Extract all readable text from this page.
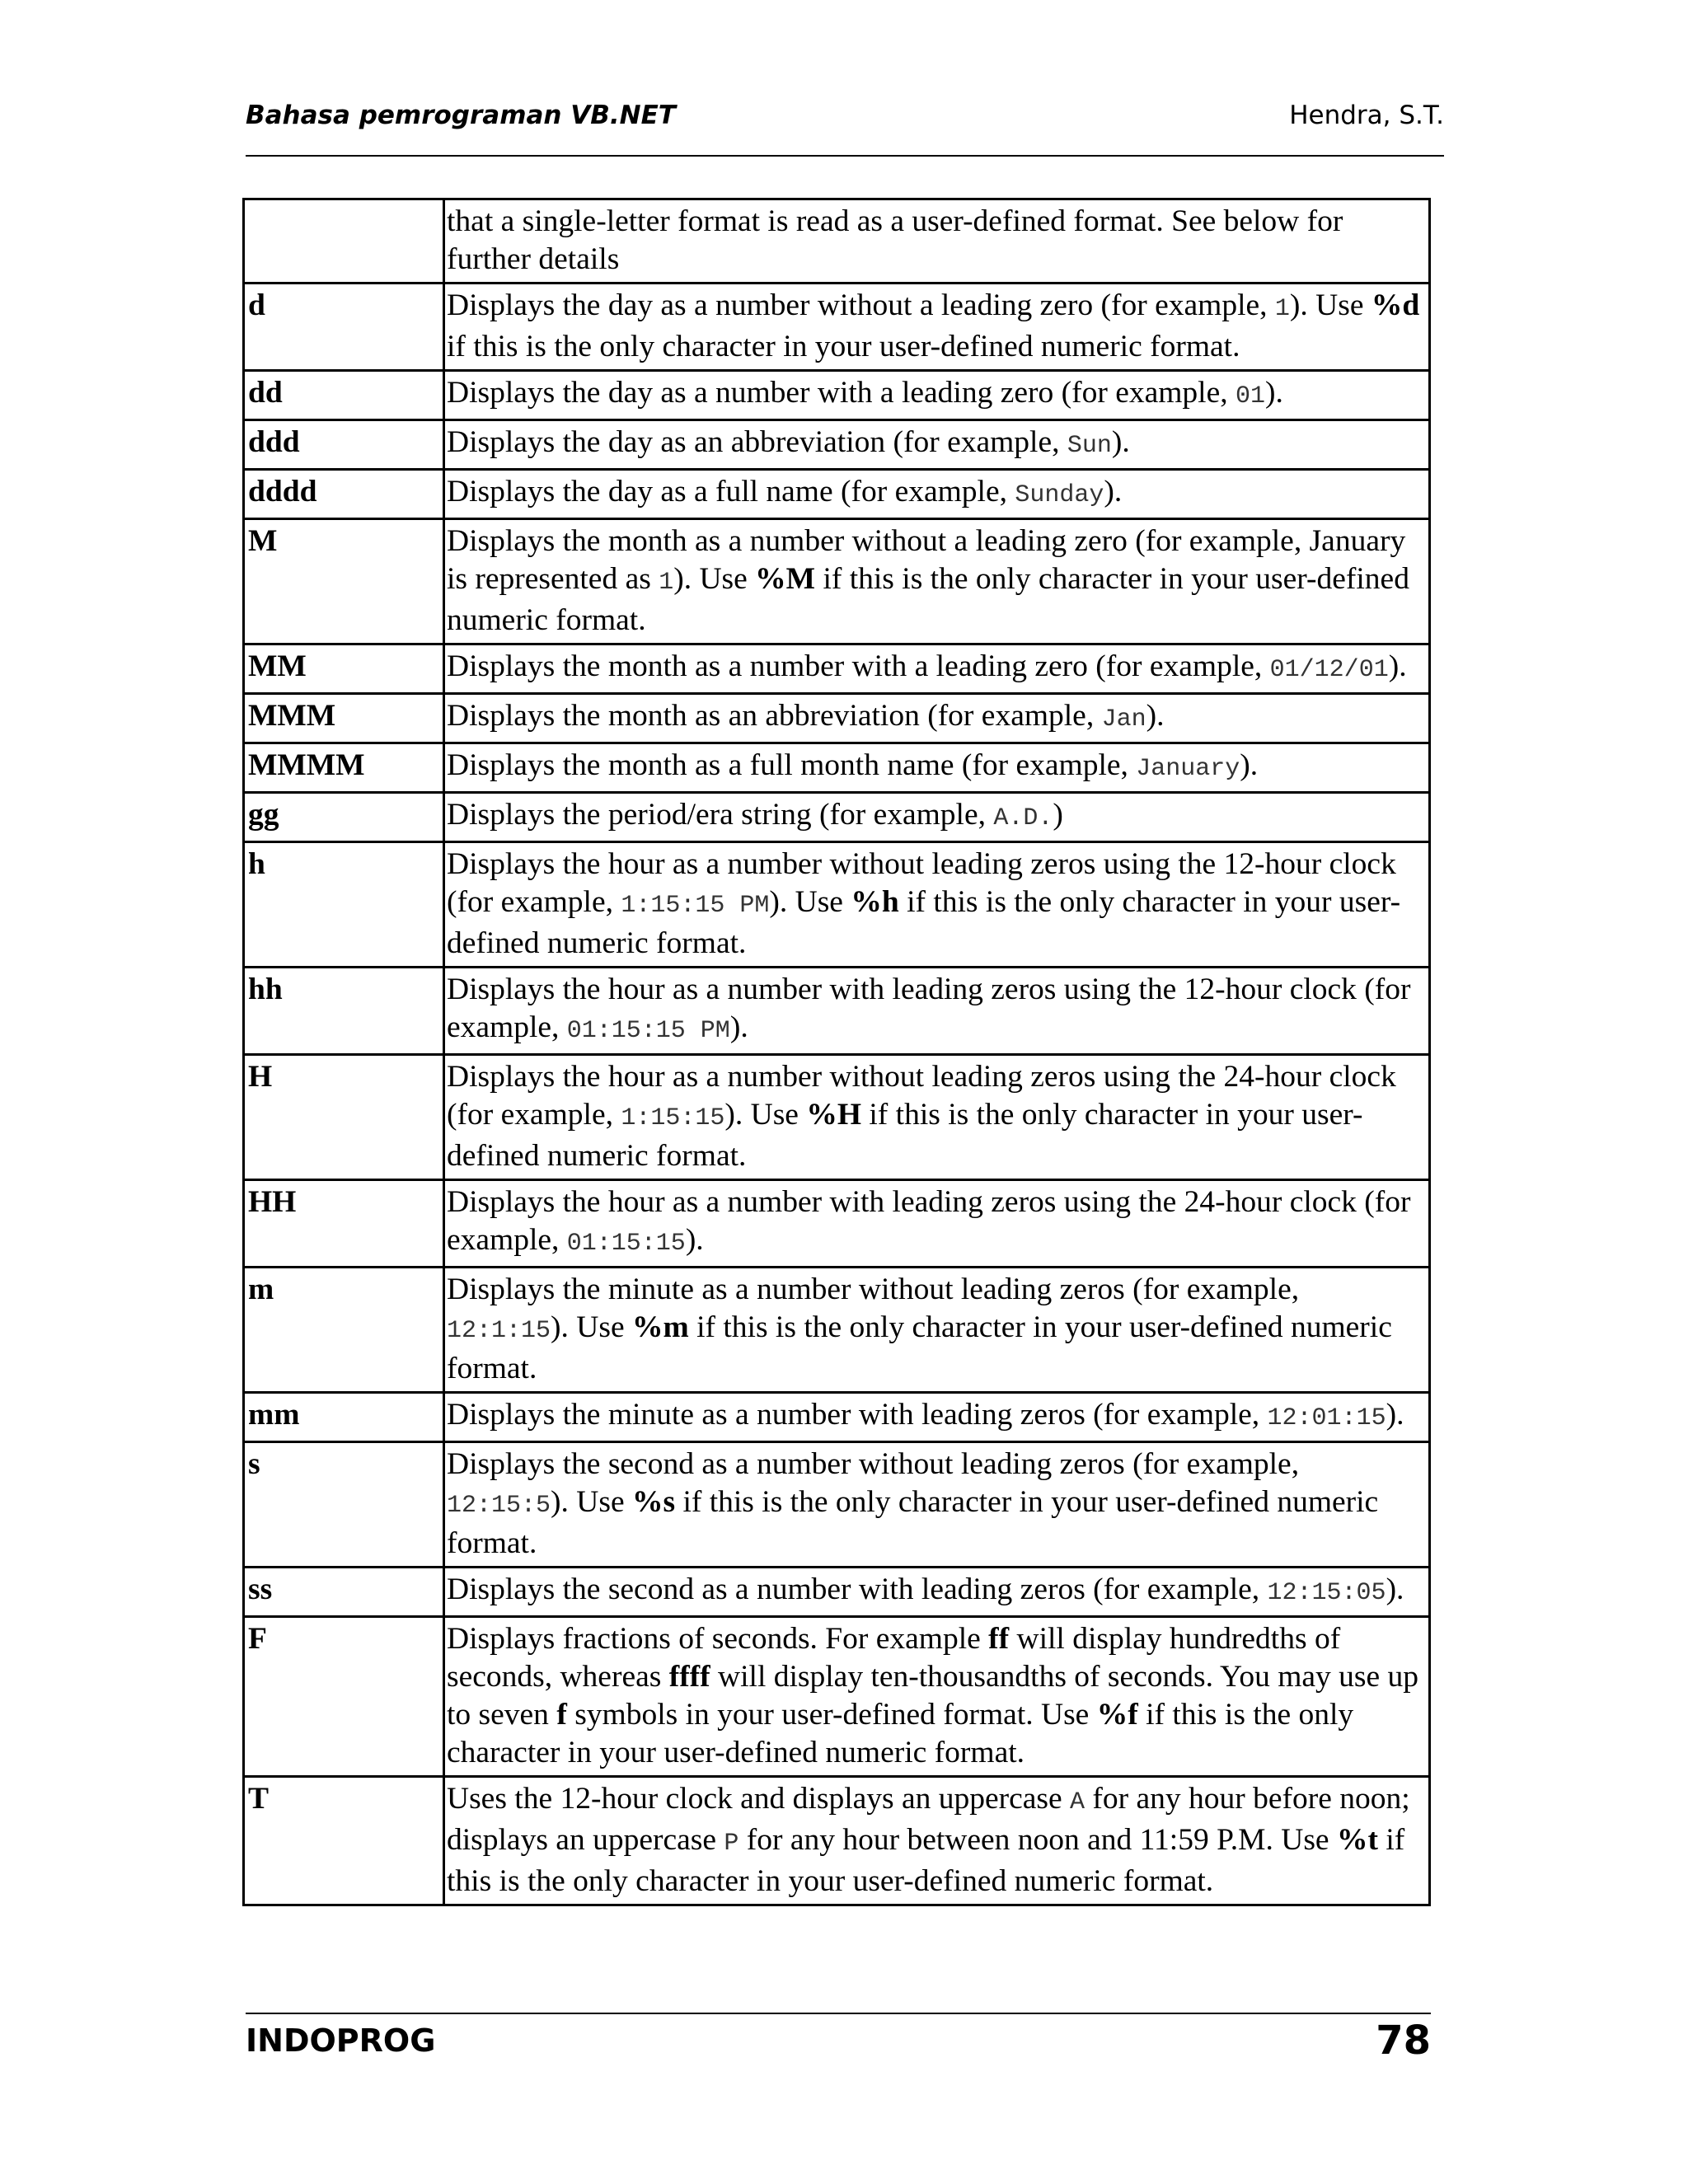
Bahasa pemrograman VB.NET	Hendra, S.T.
	that a single-letter format is read as a user-defined format. See below for further details
d	Displays the day as a number without a leading zero (for example, 1). Use %d if this is the only character in your user-defined numeric format.
dd	Displays the day as a number with a leading zero (for example, 01).
ddd	Displays the day as an abbreviation (for example, Sun).
dddd	Displays the day as a full name (for example, Sunday).
M	Displays the month as a number without a leading zero (for example, January is represented as 1). Use %M if this is the only character in your user-defined numeric format.
MM	Displays the month as a number with a leading zero (for example, 01/12/01).
MMM	Displays the month as an abbreviation (for example, Jan).
MMMM	Displays the month as a full month name (for example, January).
gg	Displays the period/era string (for example, A.D.)
h	Displays the hour as a number without leading zeros using the 12-hour clock (for example, 1:15:15 PM). Use %h if this is the only character in your user-defined numeric format.
hh	Displays the hour as a number with leading zeros using the 12-hour clock (for example, 01:15:15 PM).
H	Displays the hour as a number without leading zeros using the 24-hour clock (for example, 1:15:15). Use %H if this is the only character in your user-defined numeric format.
HH	Displays the hour as a number with leading zeros using the 24-hour clock (for example, 01:15:15).
m	Displays the minute as a number without leading zeros (for example, 12:1:15). Use %m if this is the only character in your user-defined numeric format.
mm	Displays the minute as a number with leading zeros (for example, 12:01:15).
s	Displays the second as a number without leading zeros (for example, 12:15:5). Use %s if this is the only character in your user-defined numeric format.
ss	Displays the second as a number with leading zeros (for example, 12:15:05).
F	Displays fractions of seconds. For example ff will display hundredths of seconds, whereas ffff will display ten-thousandths of seconds. You may use up to seven f symbols in your user-defined format. Use %f if this is the only character in your user-defined numeric format.
T	Uses the 12-hour clock and displays an uppercase A for any hour before noon; displays an uppercase P for any hour between noon and 11:59 P.M. Use %t if this is the only character in your user-defined numeric format.
INDOPROG	78
